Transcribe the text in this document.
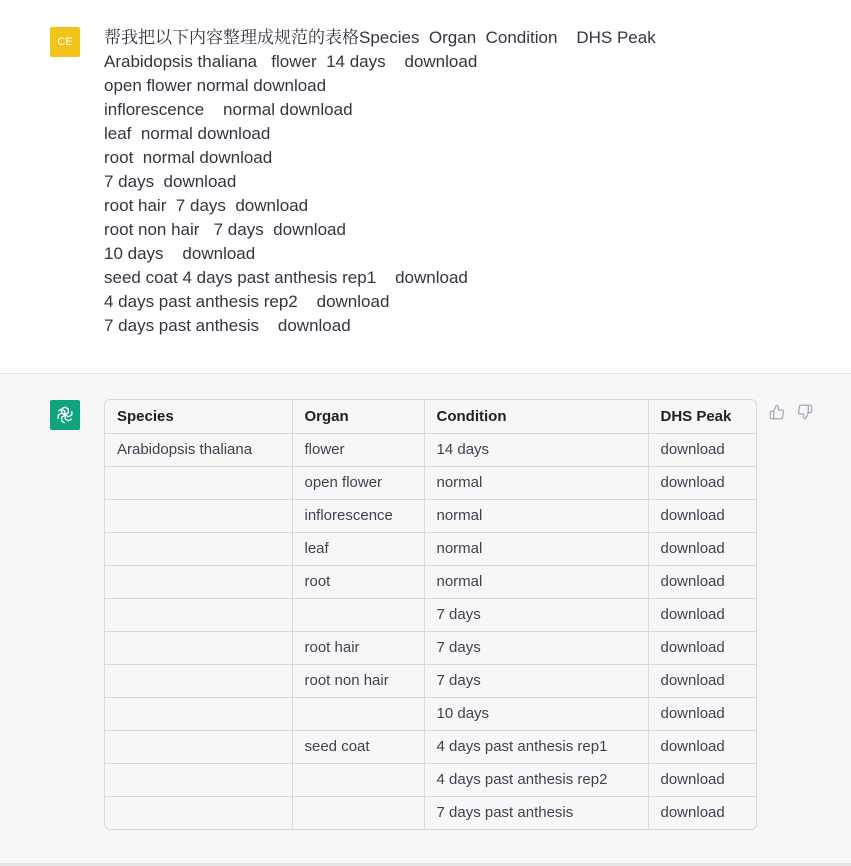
CE	帮我把以下内容整理成规范的表格Species  Organ  Condition    DHS Peak
Arabidopsis thaliana   flower  14 days    download
open flower normal download
inflorescence    normal download
leaf  normal download
root  normal download
7 days  download
root hair  7 days  download
root non hair   7 days  download
10 days    download
seed coat 4 days past anthesis rep1    download
4 days past anthesis rep2    download
7 days past anthesis    download
Species	Organ	Condition	DHS Peak
Arabidopsis thaliana	flower	14 days	download
	open flower	normal	download
	inflorescence	normal	download
	leaf	normal	download
	root	normal	download
		7 days	download
	root hair	7 days	download
	root non hair	7 days	download
		10 days	download
	seed coat	4 days past anthesis rep1	download
		4 days past anthesis rep2	download
		7 days past anthesis	download
